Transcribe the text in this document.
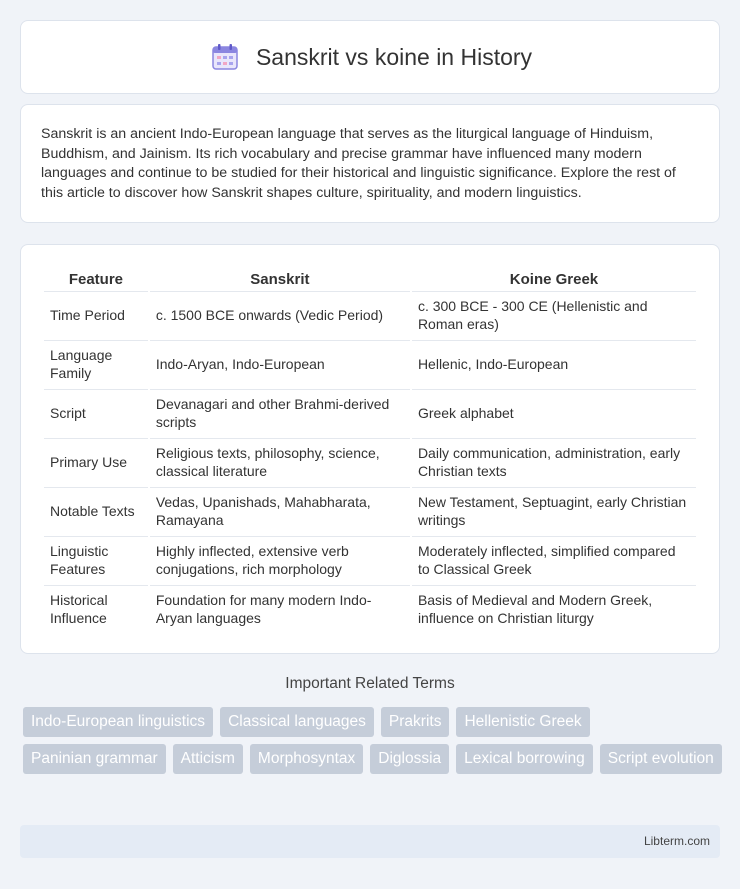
Sanskrit vs koine in History

Sanskrit is an ancient Indo-European language that serves as the liturgical language of Hinduism, Buddhism, and Jainism. Its rich vocabulary and precise grammar have influenced many modern languages and continue to be studied for their historical and linguistic significance. Explore the rest of this article to discover how Sanskrit shapes culture, spirituality, and modern linguistics.

Feature	Sanskrit	Koine Greek
Time Period	c. 1500 BCE onwards (Vedic Period)	c. 300 BCE - 300 CE (Hellenistic and Roman eras)
Language Family	Indo-Aryan, Indo-European	Hellenic, Indo-European
Script	Devanagari and other Brahmi-derived scripts	Greek alphabet
Primary Use	Religious texts, philosophy, science, classical literature	Daily communication, administration, early Christian texts
Notable Texts	Vedas, Upanishads, Mahabharata, Ramayana	New Testament, Septuagint, early Christian writings
Linguistic Features	Highly inflected, extensive verb conjugations, rich morphology	Moderately inflected, simplified compared to Classical Greek
Historical Influence	Foundation for many modern Indo-Aryan languages	Basis of Medieval and Modern Greek, influence on Christian liturgy
Important Related Terms
Indo-European linguistics	Classical languages	Prakrits	Hellenistic Greek
Paninian grammar	Atticism	Morphosyntax	Diglossia	Lexical borrowing	Script evolution
Libterm.com
